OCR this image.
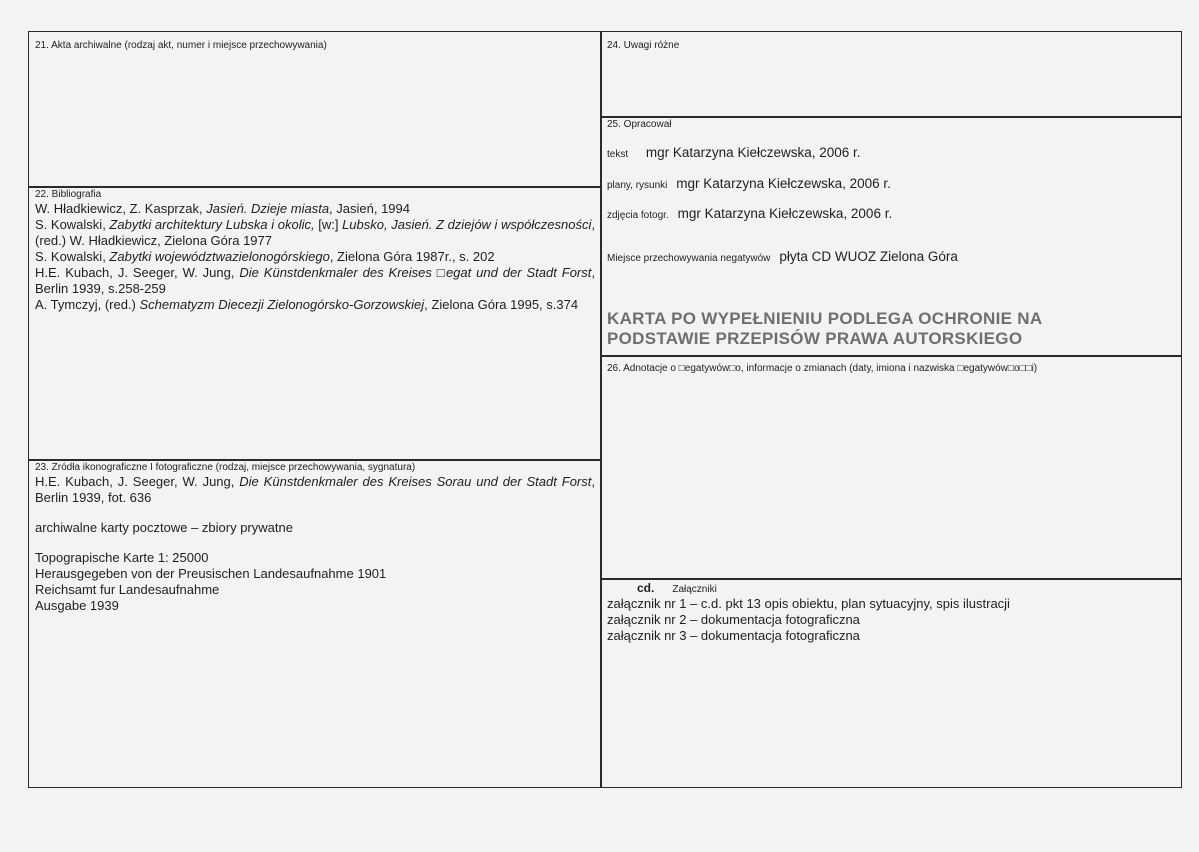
21. Akta archiwalne (rodzaj akt, numer i miejsce przechowywania)
22. Bibliografia
W. Hładkiewicz, Z. Kasprzak, Jasień. Dzieje miasta, Jasień, 1994
S. Kowalski, Zabytki architektury Lubska i okolic, [w:] Lubsko, Jasień. Z dziejów i współczesności, (red.) W. Hładkiewicz, Zielona Góra 1977
S. Kowalski, Zabytki województwazielonogórskiego, Zielona Góra 1987r., s. 202
H.E. Kubach, J. Seeger, W. Jung, Die Künstdenkmaler des Kreises □egat und der Stadt Forst, Berlin 1939, s.258-259
A. Tymczyj, (red.) Schematyzm Diecezji Zielonogórsko-Gorzowskiej, Zielona Góra 1995, s.374
23. Źródła ikonograficzne I fotograficzne (rodzaj, miejsce przechowywania, sygnatura)
H.E. Kubach, J. Seeger, W. Jung, Die Künstdenkmaler des Kreises Sorau und der Stadt Forst, Berlin 1939, fot. 636
archiwalne karty pocztowe – zbiory prywatne
Topograpische Karte 1: 25000
Herausgegeben von der Preusischen Landesaufnahme 1901
Reichsamt fur Landesaufnahme
Ausgabe 1939
24. Uwagi różne
25. Opracował
tekst mgr Katarzyna Kiełczewska, 2006 r.
plany, rysunki mgr Katarzyna Kiełczewska, 2006 r.
zdjęcia fotogr. mgr Katarzyna Kiełczewska, 2006 r.
Miejsce przechowywania negatywów płyta CD WUOZ Zielona Góra
KARTA PO WYPEŁNIENIU PODLEGA OCHRONIE NA
PODSTAWIE PRZEPISÓW PRAWA AUTORSKIEGO
26. Adnotacje o □egatywów□o, informacje o zmianach (daty, imiona i nazwiska □egatywów□o□□i)
cd. Załączniki
załącznik nr 1 – c.d. pkt 13 opis obiektu, plan sytuacyjny, spis ilustracji
załącznik nr 2 – dokumentacja fotograficzna
załącznik nr 3 – dokumentacja fotograficzna
